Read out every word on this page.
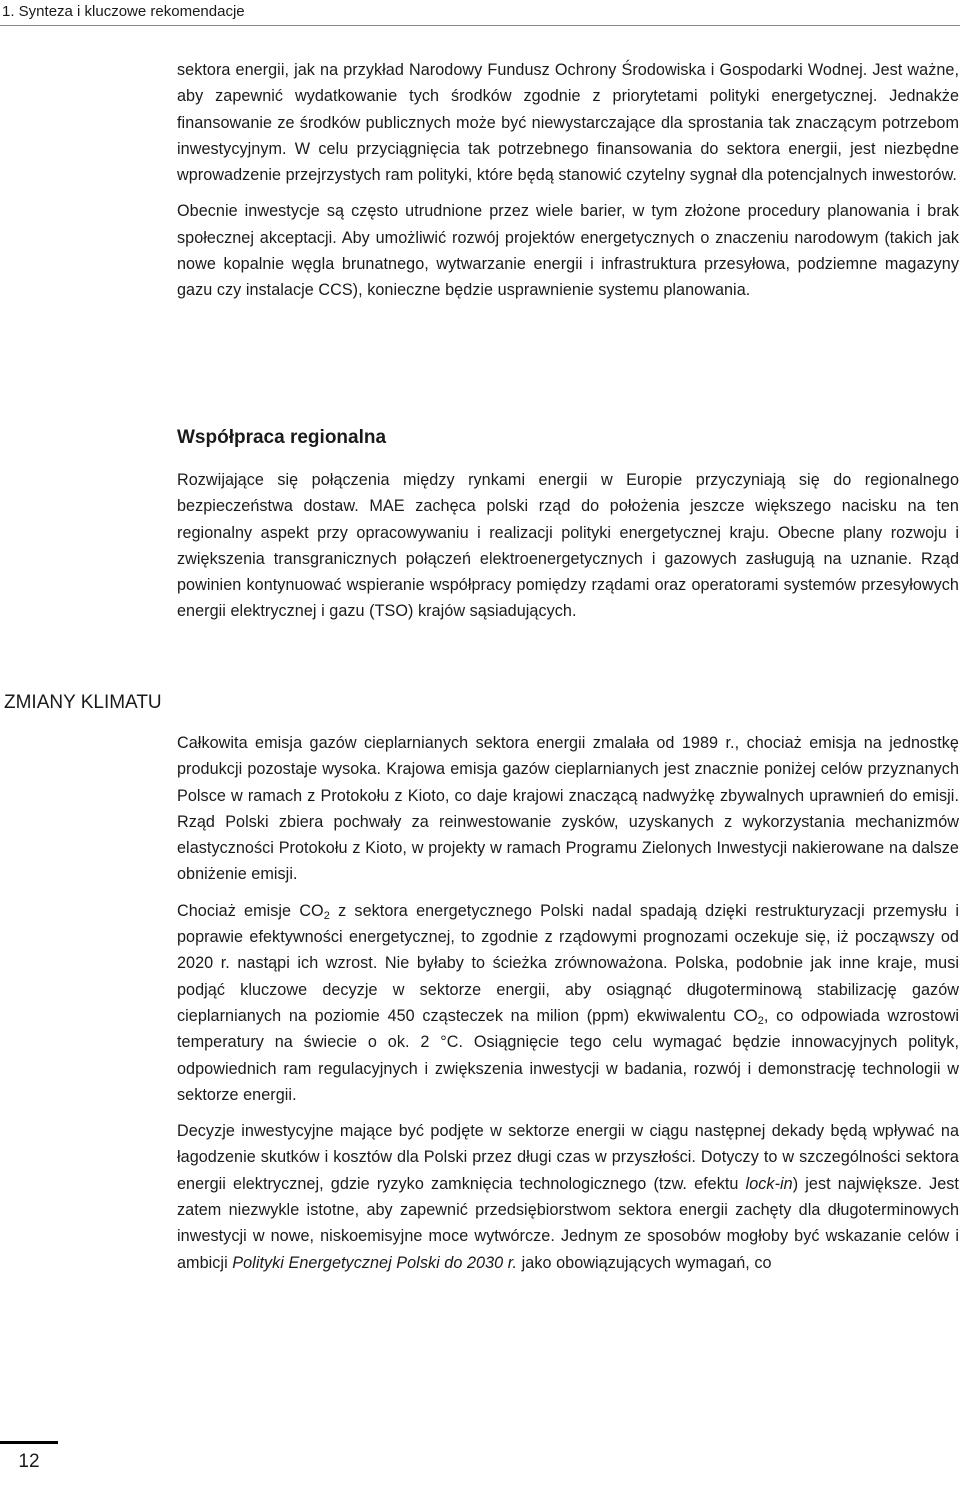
1. Synteza i kluczowe rekomendacje

sektora energii, jak na przykład Narodowy Fundusz Ochrony Środowiska i Gospodarki Wodnej. Jest ważne, aby zapewnić wydatkowanie tych środków zgodnie z priorytetami polityki energetycznej. Jednakże finansowanie ze środków publicznych może być niewystarczające dla sprostania tak znaczącym potrzebom inwestycyjnym. W celu przyciągnięcia tak potrzebnego finansowania do sektora energii, jest niezbędne wprowadzenie przejrzystych ram polityki, które będą stanowić czytelny sygnał dla potencjalnych inwestorów.

Obecnie inwestycje są często utrudnione przez wiele barier, w tym złożone procedury planowania i brak społecznej akceptacji. Aby umożliwić rozwój projektów energetycznych o znaczeniu narodowym (takich jak nowe kopalnie węgla brunatnego, wytwarzanie energii i infrastruktura przesyłowa, podziemne magazyny gazu czy instalacje CCS), konieczne będzie usprawnienie systemu planowania.

Współpraca regionalna

Rozwijające się połączenia między rynkami energii w Europie przyczyniają się do regionalnego bezpieczeństwa dostaw. MAE zachęca polski rząd do położenia jeszcze większego nacisku na ten regionalny aspekt przy opracowywaniu i realizacji polityki energetycznej kraju. Obecne plany rozwoju i zwiększenia transgranicznych połączeń elektroenergetycznych i gazowych zasługują na uznanie. Rząd powinien kontynuować wspieranie współpracy pomiędzy rządami oraz operatorami systemów przesyłowych energii elektrycznej i gazu (TSO) krajów sąsiadujących.

ZMIANY KLIMATU

Całkowita emisja gazów cieplarnianych sektora energii zmalała od 1989 r., chociaż emisja na jednostkę produkcji pozostaje wysoka. Krajowa emisja gazów cieplarnianych jest znacznie poniżej celów przyznanych Polsce w ramach z Protokołu z Kioto, co daje krajowi znaczącą nadwyżkę zbywalnych uprawnień do emisji. Rząd Polski zbiera pochwały za reinwestowanie zysków, uzyskanych z wykorzystania mechanizmów elastyczności Protokołu z Kioto, w projekty w ramach Programu Zielonych Inwestycji nakierowane na dalsze obniżenie emisji.

Chociaż emisje $CO_2$ z sektora energetycznego Polski nadal spadają dzięki restrukturyzacji przemysłu i poprawie efektywności energetycznej, to zgodnie z rządowymi prognozami oczekuje się, iż począwszy od 2020 r. nastąpi ich wzrost. Nie byłaby to ścieżka zrównoważona. Polska, podobnie jak inne kraje, musi podjąć kluczowe decyzje w sektorze energii, aby osiągnąć długoterminową stabilizację gazów cieplarnianych na poziomie 450 cząsteczek na milion (ppm) ekwiwalentu $CO_2$, co odpowiada wzrostowi temperatury na świecie o ok. 2 °C. Osiągnięcie tego celu wymagać będzie innowacyjnych polityk, odpowiednich ram regulacyjnych i zwiększenia inwestycji w badania, rozwój i demonstrację technologii w sektorze energii.

Decyzje inwestycyjne mające być podjęte w sektorze energii w ciągu następnej dekady będą wpływać na łagodzenie skutków i kosztów dla Polski przez długi czas w przyszłości. Dotyczy to w szczególności sektora energii elektrycznej, gdzie ryzyko zamknięcia technologicznego (tzw. efektu lock-in) jest największe. Jest zatem niezwykle istotne, aby zapewnić przedsiębiorstwom sektora energii zachęty dla długoterminowych inwestycji w nowe, niskoemisyjne moce wytwórcze. Jednym ze sposobów mogłoby być wskazanie celów i ambicji Polityki Energetycznej Polski do 2030 r. jako obowiązujących wymagań, co

12
